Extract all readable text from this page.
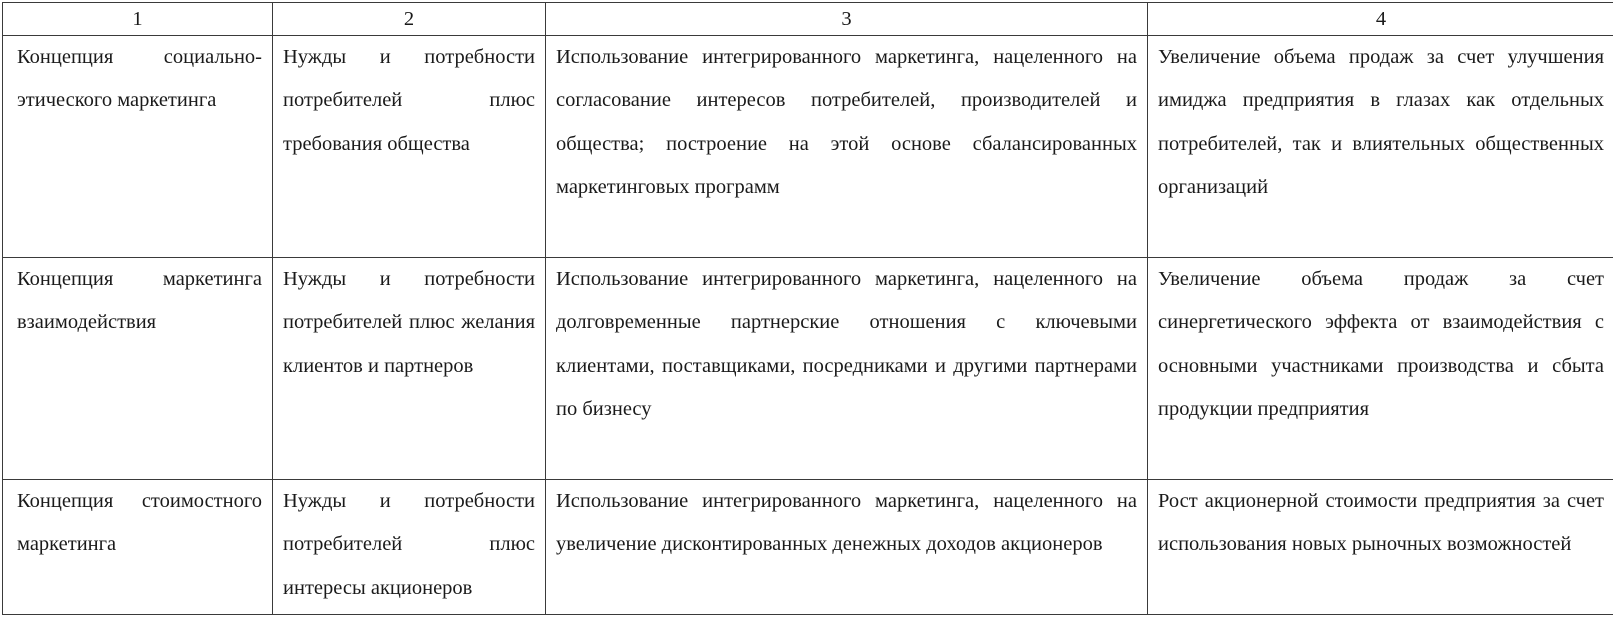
1	2	3	4
Концепция социально-этического маркетинга	Нужды и потребности потребителей плюс требования общества	Использование интегрированного маркетинга, нацеленного на согласование интересов потребителей, производителей и общества; построение на этой основе сбалансированных маркетинговых программ	Увеличение объема продаж за счет улучшения имиджа предприятия в глазах как отдельных потребителей, так и влиятельных общественных организаций
Концепция маркетинга взаимодействия	Нужды и потребности потребителей плюс желания клиентов и партнеров	Использование интегрированного маркетинга, нацеленного на долговременные партнерские отношения с ключевыми клиентами, поставщиками, посредниками и другими партнерами по бизнесу	Увеличение объема продаж за счет синергетического эффекта от взаимодействия с основными участниками производства и сбыта продукции предприятия
Концепция стоимостного маркетинга	Нужды и потребности потребителей плюс интересы акционеров	Использование интегрированного маркетинга, нацеленного на увеличение дисконтированных денежных доходов акционеров	Рост акционерной стоимости предприятия за счет использования новых рыночных возможностей
